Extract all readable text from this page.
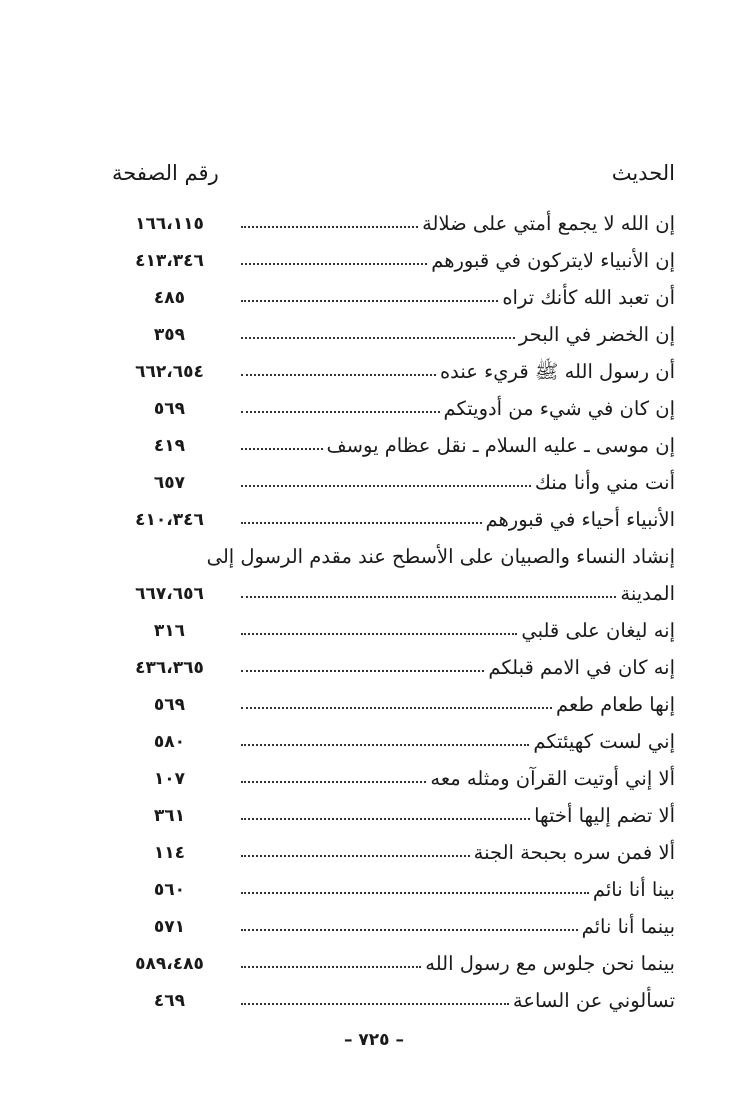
الحديث
رقم الصفحة
إن الله لا يجمع أمتي على ضلالة
١٦٦،١١٥
إن الأنبياء لايتركون في قبورهم
٤١٣،٣٤٦
أن تعبد الله كأنك تراه
٤٨٥
إن الخضر في البحر
٣٥٩
أن رسول الله ﷺ قريء عنده
٦٦٢،٦٥٤
إن كان في شيء من أدويتكم
٥٦٩
إن موسى ـ عليه السلام ـ نقل عظام يوسف
٤١٩
أنت مني وأنا منك
٦٥٧
الأنبياء أحياء في قبورهم
٤١٠،٣٤٦
إنشاد النساء والصبيان على الأسطح عند مقدم الرسول إلى
المدينة
٦٦٧،٦٥٦
إنه ليغان على قلبي
٣١٦
إنه كان في الامم قبلكم
٤٣٦،٣٦٥
إنها طعام طعم
٥٦٩
إني لست كهيئتكم
٥٨٠
ألا إني أوتيت القرآن ومثله معه
١٠٧
ألا تضم إليها أختها
٣٦١
ألا فمن سره بحبحة الجنة
١١٤
بينا أنا نائم
٥٦٠
بينما أنا نائم
٥٧١
بينما نحن جلوس مع رسول الله
٥٨٩،٤٨٥
تسألوني عن الساعة
٤٦٩
– ٧٢٥ –
